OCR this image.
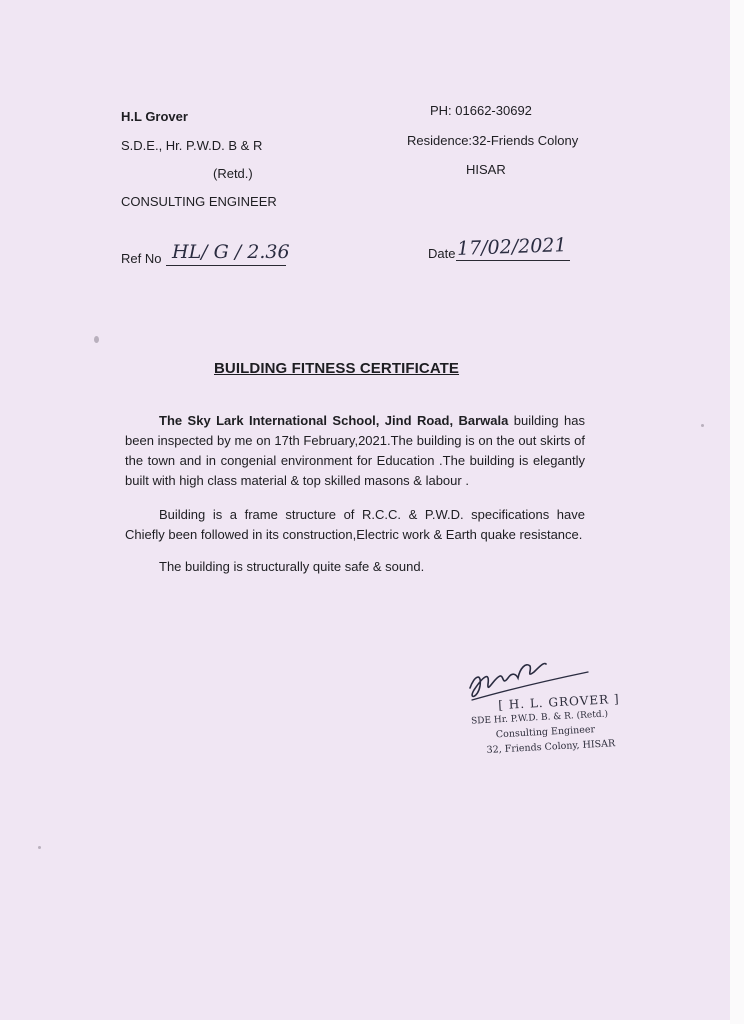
H.L Grover
S.D.E., Hr. P.W.D. B & R
(Retd.)
CONSULTING ENGINEER
PH: 01662-30692
Residence:32-Friends Colony
HISAR
Ref No HL/ G / 2.36	Date 17/02/2021
BUILDING FITNESS CERTIFICATE

The Sky Lark International School, Jind Road, Barwala building has been inspected by me on 17th February,2021.The building is on the out skirts of the town and in congenial environment for Education .The building is elegantly built with high class material & top skilled masons & labour .

Building is a frame structure of R.C.C. & P.W.D. specifications have Chiefly been followed in its construction,Electric work & Earth quake resistance.

The building is structurally quite safe & sound.

[ H. L. GROVER ]
SDE Hr. P.W.D. B. & R. (Retd.)
Consulting Engineer
32, Friends Colony, HISAR
